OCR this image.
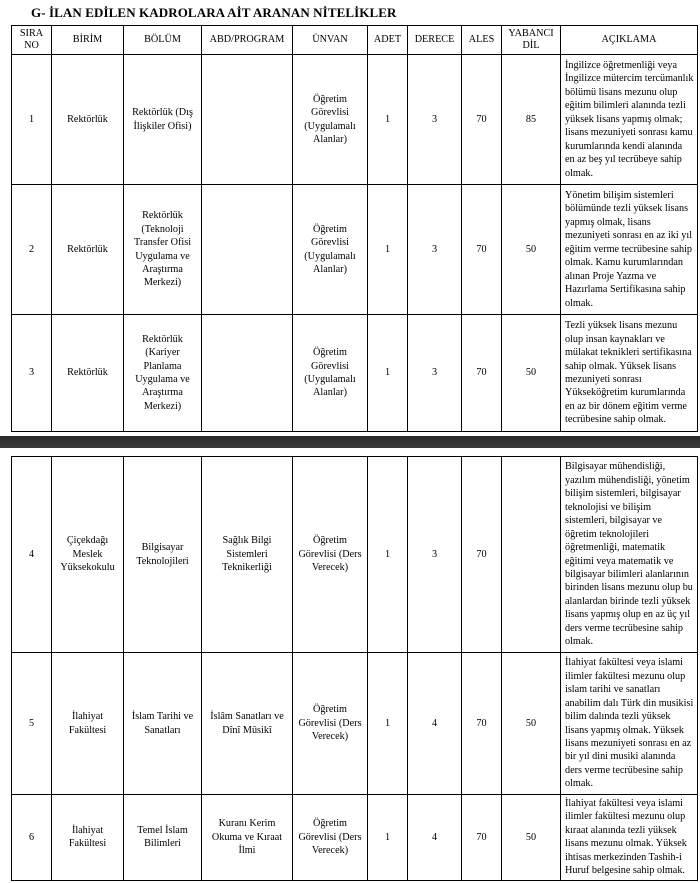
G- İLAN EDİLEN KADROLARA AİT ARANAN NİTELİKLER
SIRA NO	BİRİM	BÖLÜM	ABD/PROGRAM	ÜNVAN	ADET	DERECE	ALES	YABANCI DİL	AÇIKLAMA
1	Rektörlük	Rektörlük (Dış İlişkiler Ofisi)		Öğretim Görevlisi (Uygulamalı Alanlar)	1	3	70	85	İngilizce öğretmenliği veya İngilizce mütercim tercümanlık bölümü lisans mezunu olup eğitim bilimleri alanında tezli yüksek lisans yapmış olmak; lisans mezuniyeti sonrası kamu kurumlarında kendi alanında en az beş yıl tecrübeye sahip olmak.
2	Rektörlük	Rektörlük (Teknoloji Transfer Ofisi Uygulama ve Araştırma Merkezi)		Öğretim Görevlisi (Uygulamalı Alanlar)	1	3	70	50	Yönetim bilişim sistemleri bölümünde tezli yüksek lisans yapmış olmak, lisans mezuniyeti sonrası en az iki yıl eğitim verme tecrübesine sahip olmak. Kamu kurumlarından alınan Proje Yazma ve Hazırlama Sertifikasına sahip olmak.
3	Rektörlük	Rektörlük (Kariyer Planlama Uygulama ve Araştırma Merkezi)		Öğretim Görevlisi (Uygulamalı Alanlar)	1	3	70	50	Tezli yüksek lisans mezunu olup insan kaynakları ve mülakat teknikleri sertifikasına sahip olmak. Yüksek lisans mezuniyeti sonrası Yükseköğretim kurumlarında en az bir dönem eğitim verme tecrübesine sahip olmak.
4	Çiçekdağı Meslek Yüksekokulu	Bilgisayar Teknolojileri	Sağlık Bilgi Sistemleri Teknikerliği	Öğretim Görevlisi (Ders Verecek)	1	3	70		Bilgisayar mühendisliği, yazılım mühendisliği, yönetim bilişim sistemleri, bilgisayar teknolojisi ve bilişim sistemleri, bilgisayar ve öğretim teknolojileri öğretmenliği, matematik eğitimi veya matematik ve bilgisayar bilimleri alanlarının birinden lisans mezunu olup bu alanlardan birinde tezli yüksek lisans yapmış olup en az üç yıl ders verme tecrübesine sahip olmak.
5	İlahiyat Fakültesi	İslam Tarihi ve Sanatları	İslâm Sanatları ve Dînî Mûsikî	Öğretim Görevlisi (Ders Verecek)	1	4	70	50	İlahiyat fakültesi veya islami ilimler fakültesi mezunu olup islam tarihi ve sanatları anabilim dalı Türk din musikisi bilim dalında tezli yüksek lisans yapmış olmak. Yüksek lisans mezuniyeti sonrası en az bir yıl dini musiki alanında ders verme tecrübesine sahip olmak.
6	İlahiyat Fakültesi	Temel İslam Bilimleri	Kuranı Kerim Okuma ve Kıraat İlmi	Öğretim Görevlisi (Ders Verecek)	1	4	70	50	İlahiyat fakültesi veya islami ilimler fakültesi mezunu olup kıraat alanında tezli yüksek lisans mezunu olmak. Yüksek ihtisas merkezinden Tashih-i Huruf belgesine sahip olmak.
